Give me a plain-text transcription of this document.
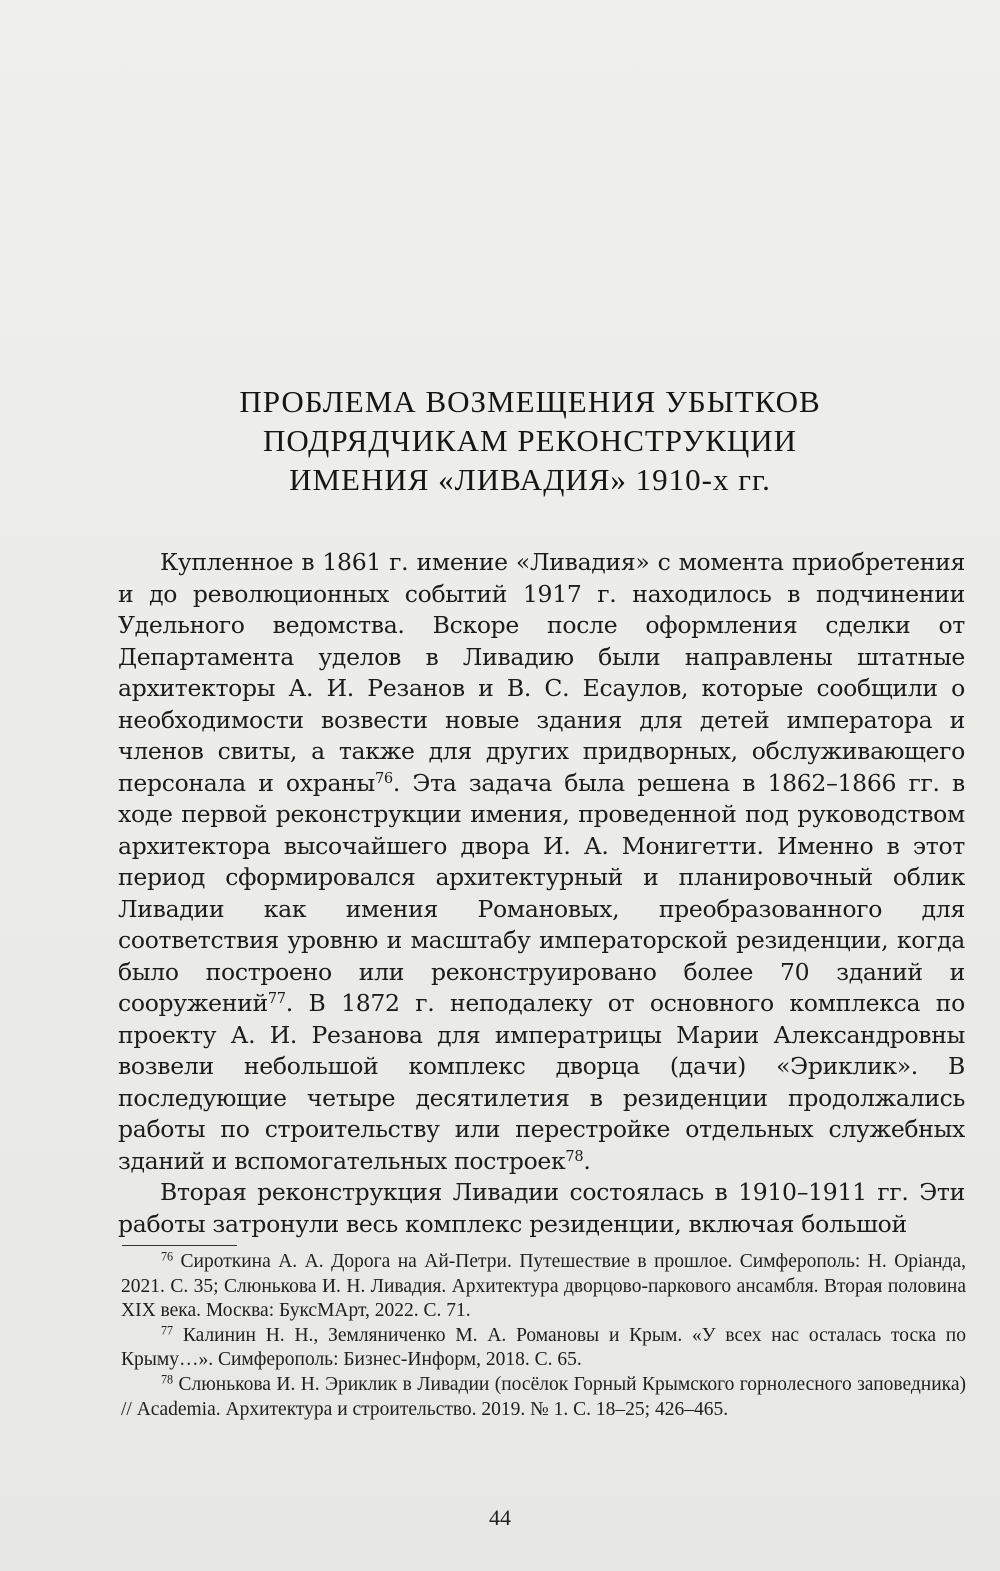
ПРОБЛЕМА ВОЗМЕЩЕНИЯ УБЫТКОВ
ПОДРЯДЧИКАМ РЕКОНСТРУКЦИИ
ИМЕНИЯ «ЛИВАДИЯ» 1910-х гг.

Купленное в 1861 г. имение «Ливадия» с момента приобретения и до революционных событий 1917 г. находилось в подчинении Удельного ведомства. Вскоре после оформления сделки от Департамента уделов в Ливадию были направлены штатные архитекторы А. И. Резанов и В. С. Есаулов, которые сообщили о необходимости возвести новые здания для детей императора и членов свиты, а также для других придворных, обслуживающего персонала и охраны$^{76}$. Эта задача была решена в 1862–1866 гг. в ходе первой реконструкции имения, проведенной под руководством архитектора высочайшего двора И. А. Монигетти. Именно в этот период сформировался архитектурный и планировочный облик Ливадии как имения Романовых, преобразованного для соответствия уровню и масштабу императорской резиденции, когда было построено или реконструировано более 70 зданий и сооружений$^{77}$. В 1872 г. неподалеку от основного комплекса по проекту А. И. Резанова для императрицы Марии Александровны возвели небольшой комплекс дворца (дачи) «Эриклик». В последующие четыре десятилетия в резиденции продолжались работы по строительству или перестройке отдельных служебных зданий и вспомогательных построек$^{78}$.

Вторая реконструкция Ливадии состоялась в 1910–1911 гг. Эти работы затронули весь комплекс резиденции, включая большой

$^{76}$ Сироткина А. А. Дорога на Ай-Петри. Путешествие в прошлое. Симферополь: Н. Орiанда, 2021. С. 35; Слюнькова И. Н. Ливадия. Архитектура дворцово-паркового ансамбля. Вторая половина XIX века. Москва: БуксМАрт, 2022. С. 71.

$^{77}$ Калинин Н. Н., Земляниченко М. А. Романовы и Крым. «У всех нас осталась тоска по Крыму…». Симферополь: Бизнес-Информ, 2018. С. 65.

$^{78}$ Слюнькова И. Н. Эриклик в Ливадии (посёлок Горный Крымского горнолесного заповедника) // Academia. Архитектура и строительство. 2019. № 1. С. 18–25; 426–465.

44
